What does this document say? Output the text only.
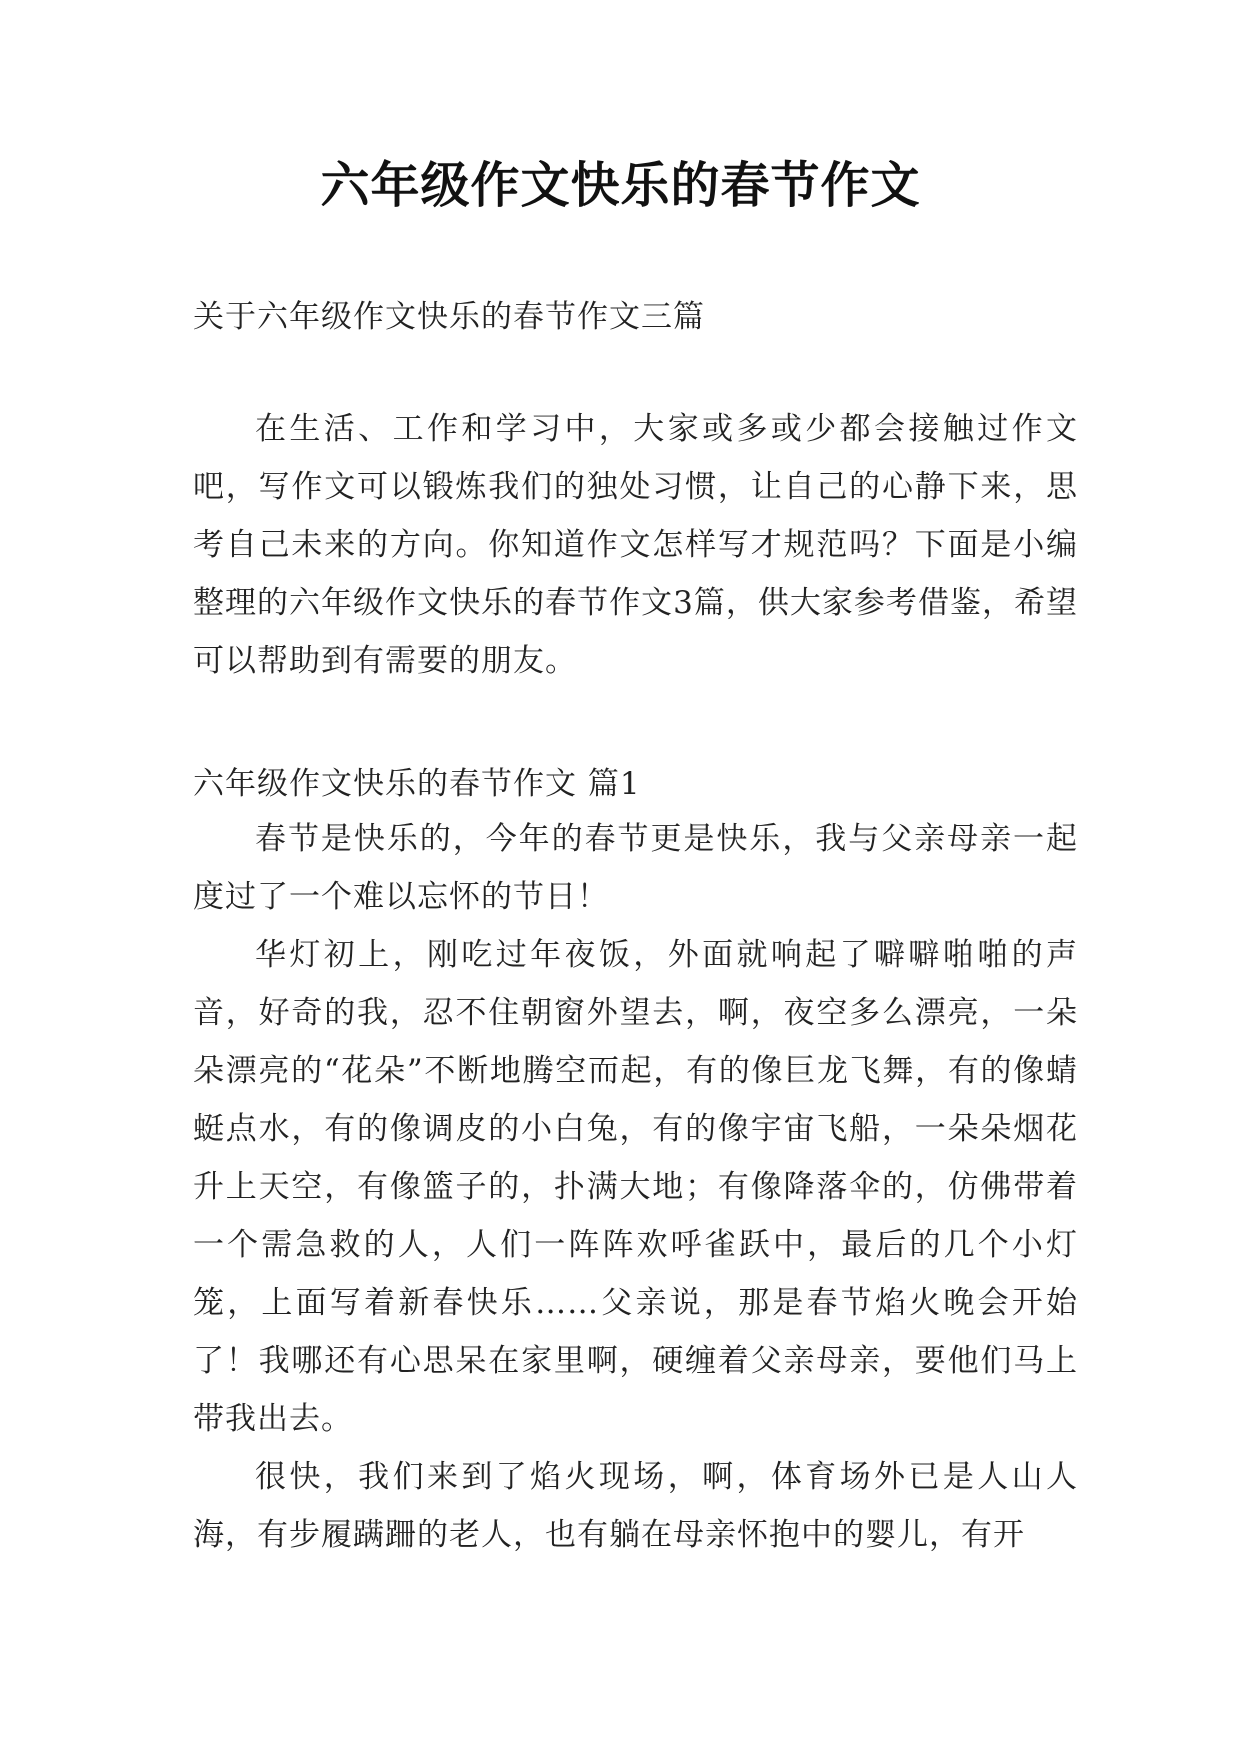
六年级作文快乐的春节作文
关于六年级作文快乐的春节作文三篇
在生活、工作和学习中，大家或多或少都会接触过作文吧，写作文可以锻炼我们的独处习惯，让自己的心静下来，思考自己未来的方向。你知道作文怎样写才规范吗？下面是小编整理的六年级作文快乐的春节作文3篇，供大家参考借鉴，希望可以帮助到有需要的朋友。
六年级作文快乐的春节作文 篇1

春节是快乐的，今年的春节更是快乐，我与父亲母亲一起度过了一个难以忘怀的节日！

华灯初上，刚吃过年夜饭，外面就响起了噼噼啪啪的声音，好奇的我，忍不住朝窗外望去，啊，夜空多么漂亮，一朵朵漂亮的“花朵”不断地腾空而起，有的像巨龙飞舞，有的像蜻蜓点水，有的像调皮的小白兔，有的像宇宙飞船，一朵朵烟花升上天空，有像篮子的，扑满大地；有像降落伞的，仿佛带着一个需急救的人，人们一阵阵欢呼雀跃中，最后的几个小灯笼，上面写着新春快乐……父亲说，那是春节焰火晚会开始了！我哪还有心思呆在家里啊，硬缠着父亲母亲，要他们马上带我出去。

很快，我们来到了焰火现场，啊，体育场外已是人山人海，有步履蹒跚的老人，也有躺在母亲怀抱中的婴儿，有开
